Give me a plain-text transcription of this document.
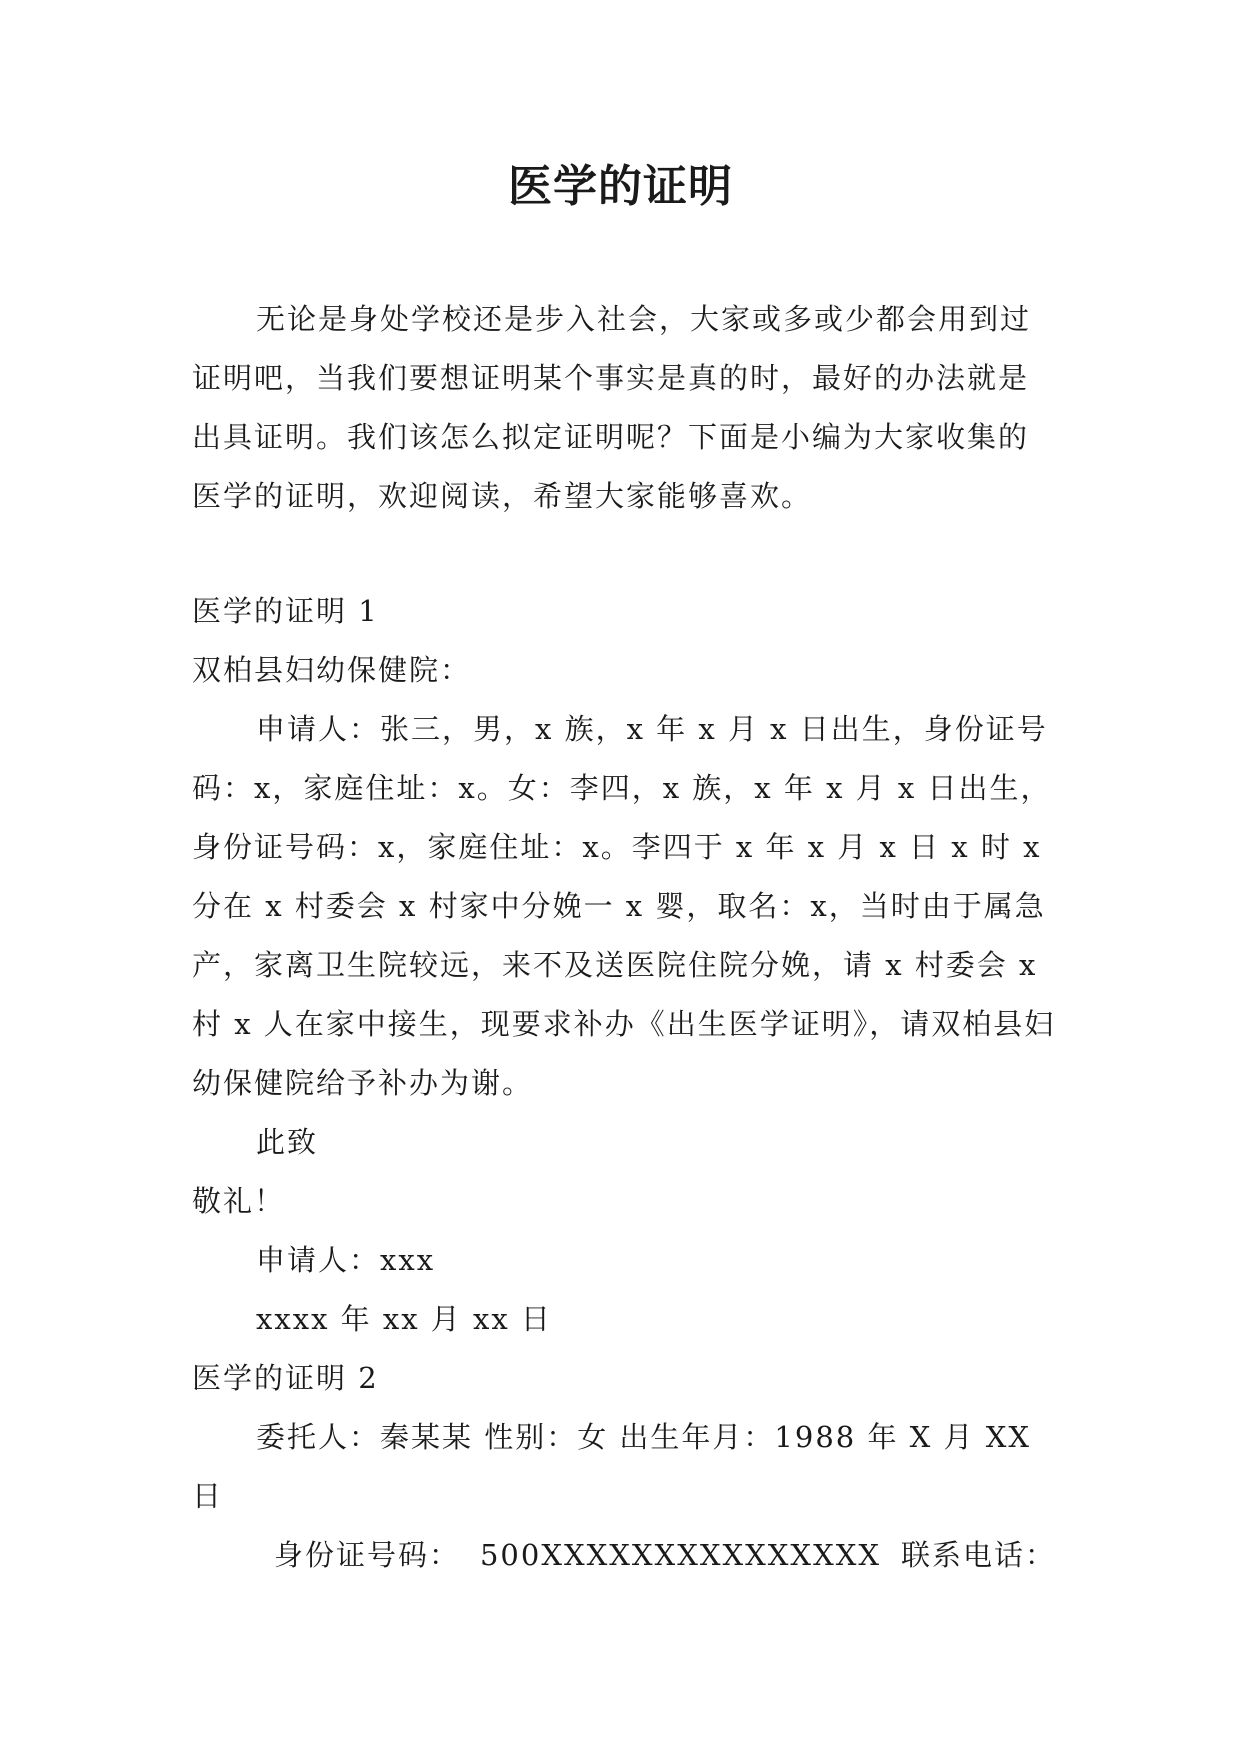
医学的证明

无论是身处学校还是步入社会，大家或多或少都会用到过证明吧，当我们要想证明某个事实是真的时，最好的办法就是出具证明。我们该怎么拟定证明呢？下面是小编为大家收集的医学的证明，欢迎阅读，希望大家能够喜欢。

医学的证明 1

双柏县妇幼保健院：

申请人：张三，男，x 族，x 年 x 月 x 日出生，身份证号码：x，家庭住址：x。女：李四，x 族，x 年 x 月 x 日出生，身份证号码：x，家庭住址：x。李四于 x 年 x 月 x 日 x 时 x 分在 x 村委会 x 村家中分娩一 x 婴，取名：x，当时由于属急产，家离卫生院较远，来不及送医院住院分娩，请 x 村委会 x 村 x 人在家中接生，现要求补办《出生医学证明》，请双柏县妇幼保健院给予补办为谢。

此致

敬礼！

申请人：xxx

xxxx 年 xx 月 xx 日

医学的证明 2

委托人：秦某某 性别：女 出生年月：1988 年 X 月 XX 日

身份证号码： 500XXXXXXXXXXXXXXX 联系电话：
